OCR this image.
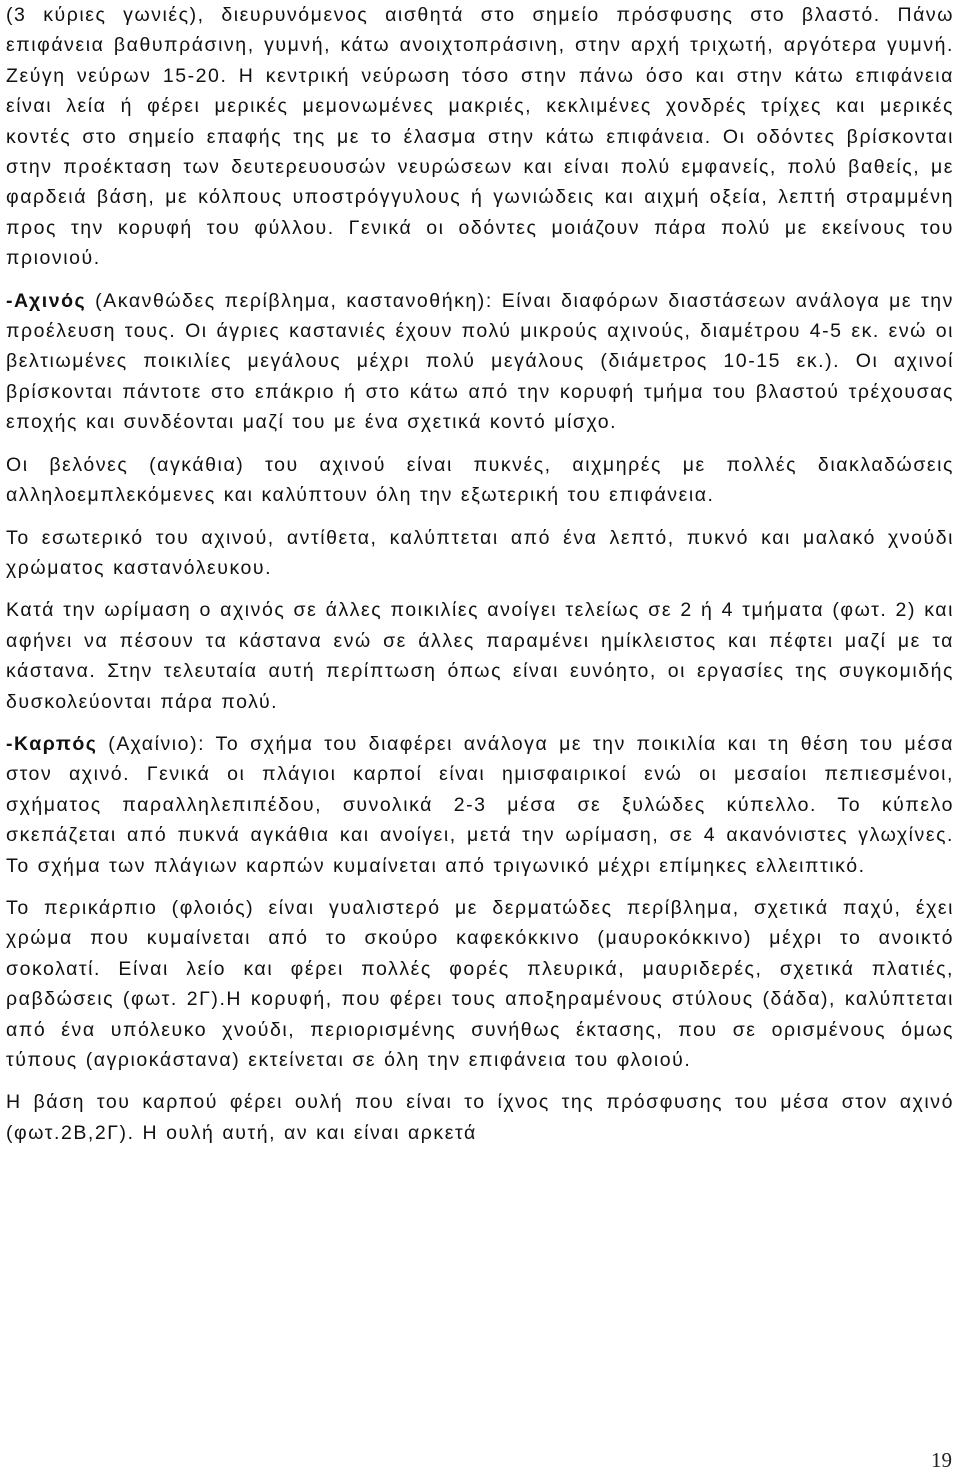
(3 κύριες γωνιές), διευρυνόμενος αισθητά στο σημείο πρόσφυσης στο βλαστό. Πάνω επιφάνεια βαθυπράσινη, γυμνή, κάτω ανοιχτοπράσινη, στην αρχή τριχωτή, αργότερα γυμνή. Ζεύγη νεύρων 15-20. Η κεντρική νεύρωση τόσο στην πάνω όσο και στην κάτω επιφάνεια είναι λεία ή φέρει μερικές μεμονωμένες μακριές, κεκλιμένες χονδρές τρίχες και μερικές κοντές στο σημείο επαφής της με το έλασμα στην κάτω επιφάνεια. Οι οδόντες βρίσκονται στην προέκταση των δευτερευουσών νευρώσεων και είναι πολύ εμφανείς, πολύ βαθείς, με φαρδειά βάση, με κόλπους υποστρόγγυλους ή γωνιώδεις και αιχμή οξεία, λεπτή στραμμένη προς την κορυφή του φύλλου. Γενικά οι οδόντες μοιάζουν πάρα πολύ με εκείνους του πριονιού.

-Αχινός (Ακανθώδες περίβλημα, καστανοθήκη): Είναι διαφόρων διαστάσεων ανάλογα με την προέλευση τους. Οι άγριες καστανιές έχουν πολύ μικρούς αχινούς, διαμέτρου 4-5 εκ. ενώ οι βελτιωμένες ποικιλίες μεγάλους μέχρι πολύ μεγάλους (διάμετρος 10-15 εκ.). Οι αχινοί βρίσκονται πάντοτε στο επάκριο ή στο κάτω από την κορυφή τμήμα του βλαστού τρέχουσας εποχής και συνδέονται μαζί του με ένα σχετικά κοντό μίσχο.

Οι βελόνες (αγκάθια) του αχινού είναι πυκνές, αιχμηρές με πολλές διακλαδώσεις αλληλοεμπλεκόμενες και καλύπτουν όλη την εξωτερική του επιφάνεια.

Το εσωτερικό του αχινού, αντίθετα, καλύπτεται από ένα λεπτό, πυκνό και μαλακό χνούδι χρώματος καστανόλευκου.

Κατά την ωρίμαση ο αχινός σε άλλες ποικιλίες ανοίγει τελείως σε 2 ή 4 τμήματα (φωτ. 2) και αφήνει να πέσουν τα κάστανα ενώ σε άλλες παραμένει ημίκλειστος και πέφτει μαζί με τα κάστανα. Στην τελευταία αυτή περίπτωση όπως είναι ευνόητο, οι εργασίες της συγκομιδής δυσκολεύονται πάρα πολύ.

-Καρπός (Αχαίνιο): Το σχήμα του διαφέρει ανάλογα με την ποικιλία και τη θέση του μέσα στον αχινό. Γενικά οι πλάγιοι καρποί είναι ημισφαιρικοί ενώ οι μεσαίοι πεπιεσμένοι, σχήματος παραλληλεπιπέδου, συνολικά 2-3 μέσα σε ξυλώδες κύπελλο. Το κύπελο σκεπάζεται από πυκνά αγκάθια και ανοίγει, μετά την ωρίμαση, σε 4 ακανόνιστες γλωχίνες. Το σχήμα των πλάγιων καρπών κυμαίνεται από τριγωνικό μέχρι επίμηκες ελλειπτικό.

Το περικάρπιο (φλοιός) είναι γυαλιστερό με δερματώδες περίβλημα, σχετικά παχύ, έχει χρώμα που κυμαίνεται από το σκούρο καφεκόκκινο (μαυροκόκκινο) μέχρι το ανοικτό σοκολατί. Είναι λείο και φέρει πολλές φορές πλευρικά, μαυριδερές, σχετικά πλατιές, ραβδώσεις (φωτ. 2Γ).Η κορυφή, που φέρει τους αποξηραμένους στύλους (δάδα), καλύπτεται από ένα υπόλευκο χνούδι, περιορισμένης συνήθως έκτασης, που σε ορισμένους όμως τύπους (αγριοκάστανα) εκτείνεται σε όλη την επιφάνεια του φλοιού.

Η βάση του καρπού φέρει ουλή που είναι το ίχνος της πρόσφυσης του μέσα στον αχινό (φωτ.2Β,2Γ). Η ουλή αυτή, αν και είναι αρκετά

19
